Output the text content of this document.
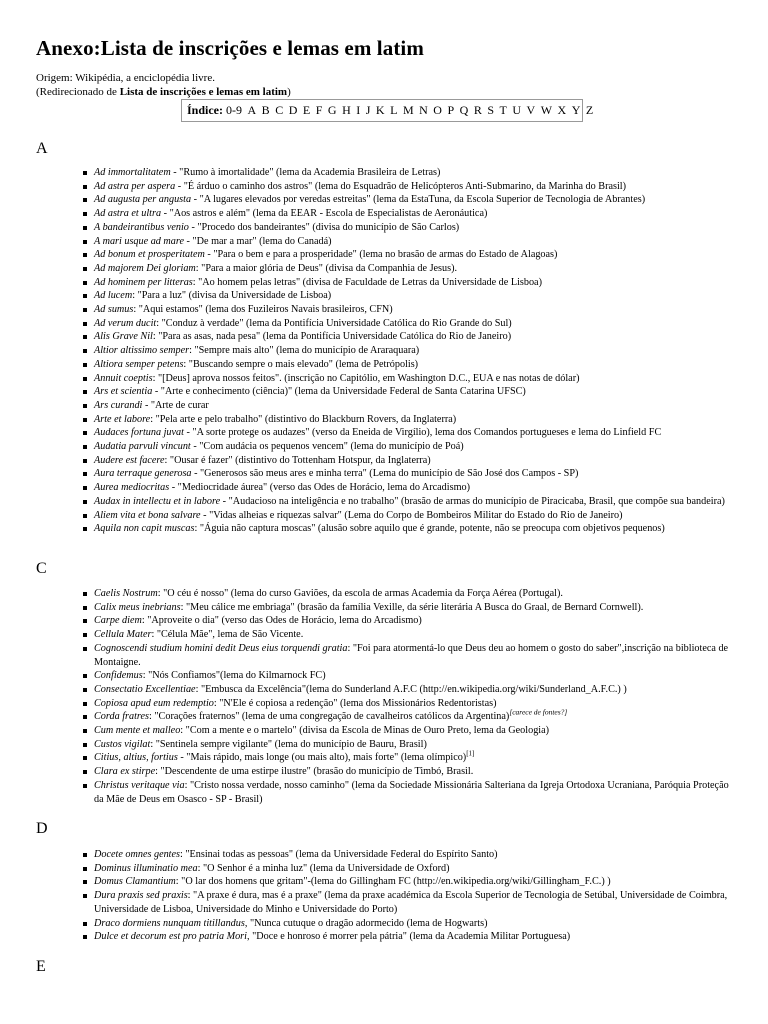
Anexo:Lista de inscrições e lemas em latim
Origem: Wikipédia, a enciclopédia livre.
(Redirecionado de Lista de inscrições e lemas em latim)
Índice: 0-9 A B C D E F G H I J K L M N O P Q R S T U V W X Y Z
A
Ad immortalitatem - "Rumo à imortalidade" (lema da Academia Brasileira de Letras)
Ad astra per aspera - "É árduo o caminho dos astros" (lema do Esquadrão de Helicópteros Anti-Submarino, da Marinha do Brasil)
Ad augusta per angusta - "A lugares elevados por veredas estreitas" (lema da EstaTuna, da Escola Superior de Tecnologia de Abrantes)
Ad astra et ultra - "Aos astros e além" (lema da EEAR - Escola de Especialistas de Aeronáutica)
A bandeirantibus venio - "Procedo dos bandeirantes" (divisa do município de São Carlos)
A mari usque ad mare - "De mar a mar" (lema do Canadá)
Ad bonum et prosperitatem - "Para o bem e para a prosperidade" (lema no brasão de armas do Estado de Alagoas)
Ad majorem Dei gloriam: "Para a maior glória de Deus" (divisa da Companhia de Jesus).
Ad hominem per litteras: "Ao homem pelas letras" (divisa de Faculdade de Letras da Universidade de Lisboa)
Ad lucem: "Para a luz" (divisa da Universidade de Lisboa)
Ad sumus: "Aqui estamos" (lema dos Fuzileiros Navais brasileiros, CFN)
Ad verum ducit: "Conduz à verdade" (lema da Pontifícia Universidade Católica do Rio Grande do Sul)
Alis Grave Nil: "Para as asas, nada pesa" (lema da Pontifícia Universidade Católica do Rio de Janeiro)
Altior altissimo semper: "Sempre mais alto" (lema do município de Araraquara)
Altiora semper petens: "Buscando sempre o mais elevado" (lema de Petrópolis)
Annuit coeptis: "[Deus] aprova nossos feitos". (inscrição no Capitólio, em Washington D.C., EUA e nas notas de dólar)
Ars et scientia - "Arte e conhecimento (ciência)" (lema da Universidade Federal de Santa Catarina UFSC)
Ars curandi - "Arte de curar
Arte et labore: "Pela arte e pelo trabalho" (distintivo do Blackburn Rovers, da Inglaterra)
Audaces fortuna juvat - "A sorte protege os audazes" (verso da Eneida de Virgílio), lema dos Comandos portugueses e lema do Linfield FC
Audatia parvuli vincunt - "Com audácia os pequenos vencem" (lema do município de Poá)
Audere est facere: "Ousar é fazer" (distintivo do Tottenham Hotspur, da Inglaterra)
Aura terraque generosa - "Generosos são meus ares e minha terra" (Lema do município de São José dos Campos - SP)
Aurea mediocritas - "Mediocridade áurea" (verso das Odes de Horácio, lema do Arcadismo)
Audax in intellectu et in labore - "Audacioso na inteligência e no trabalho" (brasão de armas do município de Piracicaba, Brasil, que compõe sua bandeira)
Aliem vita et bona salvare - "Vidas alheias e riquezas salvar" (Lema do Corpo de Bombeiros Militar do Estado do Rio de Janeiro)
Aquila non capit muscas: "Águia não captura moscas" (alusão sobre aquilo que é grande, potente, não se preocupa com objetivos pequenos)
C
Caelis Nostrum: "O céu é nosso" (lema do curso Gaviões, da escola de armas Academia da Força Aérea (Portugal).
Calix meus inebrians: "Meu cálice me embriaga" (brasão da família Vexille, da série literária A Busca do Graal, de Bernard Cornwell).
Carpe diem: "Aproveite o dia" (verso das Odes de Horácio, lema do Arcadismo)
Cellula Mater: "Célula Mãe", lema de São Vicente.
Cognoscendi studium homini dedit Deus eius torquendi gratia: "Foi para atormentá-lo que Deus deu ao homem o gosto do saber",inscrição na biblioteca de Montaigne.
Confidemus: "Nós Confiamos"(lema do Kilmarnock FC)
Consectatio Excellentiae: "Embusca da Excelência"(lema do Sunderland A.F.C (http://en.wikipedia.org/wiki/Sunderland_A.F.C.) )
Copiosa apud eum redemptio: "N'Ele é copiosa a redenção" (lema dos Missionários Redentoristas)
Corda fratres: "Corações fraternos" (lema de uma congregação de cavalheiros católicos da Argentina)[carece de fontes?]
Cum mente et malleo: "Com a mente e o martelo" (divisa da Escola de Minas de Ouro Preto, lema da Geologia)
Custos vigilat: "Sentinela sempre vigilante" (lema do município de Bauru, Brasil)
Citius, altius, fortius - "Mais rápido, mais longe (ou mais alto), mais forte" (lema olímpico)[1]
Clara ex stirpe: "Descendente de uma estirpe ilustre" (brasão do município de Timbó, Brasil.
Christus veritaque via: "Cristo nossa verdade, nosso caminho" (lema da Sociedade Missionária Salteriana da Igreja Ortodoxa Ucraniana, Paróquia Proteção da Mãe de Deus em Osasco - SP - Brasil)
D
Docete omnes gentes: "Ensinai todas as pessoas" (lema da Universidade Federal do Espírito Santo)
Dominus illuminatio mea: "O Senhor é a minha luz" (lema da Universidade de Oxford)
Domus Clamantium: "O lar dos homens que gritam"-(lema do Gillingham FC (http://en.wikipedia.org/wiki/Gillingham_F.C.) )
Dura praxis sed praxis: "A praxe é dura, mas é a praxe" (lema da praxe académica da Escola Superior de Tecnologia de Setúbal, Universidade de Coimbra, Universidade de Lisboa, Universidade do Minho e Universidade do Porto)
Draco dormiens nunquam titillandus, "Nunca cutuque o dragão adormecido (lema de Hogwarts)
Dulce et decorum est pro patria Mori, "Doce e honroso é morrer pela pátria" (lema da Academia Militar Portuguesa)
E
